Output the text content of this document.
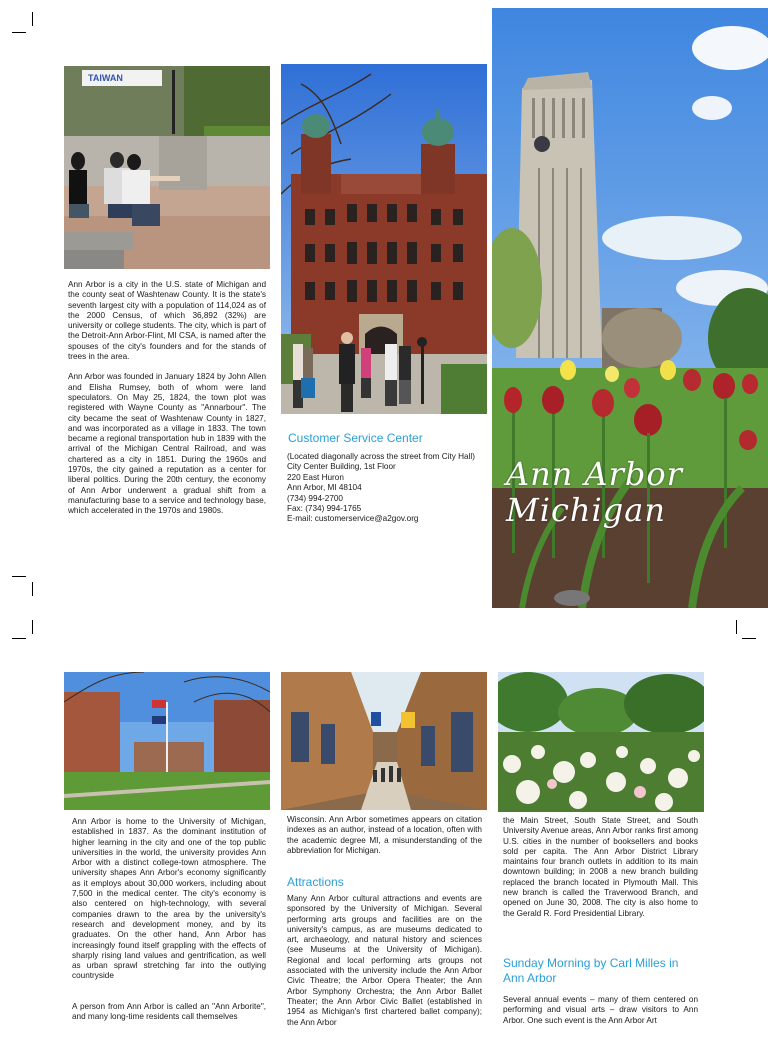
TAIWAN

Ann Arbor is a city in the U.S. state of Michigan and the county seat of Washtenaw County. It is the state's seventh largest city with a population of 114,024 as of the 2000 Census, of which 36,892 (32%) are university or college students. The city, which is part of the Detroit-Ann Arbor-Flint, MI CSA, is named after the spouses of the city's founders and for the stands of trees in the area.

Ann Arbor was founded in January 1824 by John Allen and Elisha Rumsey, both of whom were land speculators. On May 25, 1824, the town plot was registered with Wayne County as "Annarbour". The city became the seat of Washtenaw County in 1827, and was incorporated as a village in 1833. The town became a regional transportation hub in 1839 with the arrival of the Michigan Central Railroad, and was chartered as a city in 1851. During the 1960s and 1970s, the city gained a reputation as a center for liberal politics. During the 20th century, the economy of Ann Arbor underwent a gradual shift from a manufacturing base to a service and technology base, which accelerated in the 1970s and 1980s.

Customer Service Center
(Located diagonally across the street from City Hall)
City Center Building, 1st Floor
220 East Huron
Ann Arbor, MI 48104
(734) 994-2700
Fax: (734) 994-1765
E-mail: customerservice@a2gov.org
Ann Arbor
Michigan

Ann Arbor is home to the University of Michigan, established in 1837. As the dominant institution of higher learning in the city and one of the top public universities in the world, the university provides Ann Arbor with a distinct college-town atmosphere. The university shapes Ann Arbor's economy significantly as it employs about 30,000 workers, including about 7,500 in the medical center. The city's economy is also centered on high-technology, with several companies drawn to the area by the university's research and development money, and by its graduates. On the other hand, Ann Arbor has increasingly found itself grappling with the effects of sharply rising land values and gentrification, as well as urban sprawl stretching far into the outlying countryside

A person from Ann Arbor is called an "Ann Arborite", and many long-time residents call themselves

Wisconsin. Ann Arbor sometimes appears on citation indexes as an author, instead of a location, often with the academic degree MI, a misunderstanding of the abbreviation for Michigan.

Attractions

Many Ann Arbor cultural attractions and events are sponsored by the University of Michigan. Several performing arts groups and facilities are on the university's campus, as are museums dedicated to art, archaeology, and natural history and sciences (see Museums at the University of Michigan). Regional and local performing arts groups not associated with the university include the Ann Arbor Civic Theatre; the Arbor Opera Theater; the Ann Arbor Symphony Orchestra; the Ann Arbor Ballet Theater; the Ann Arbor Civic Ballet (established in 1954 as Michigan's first chartered ballet company); the Ann Arbor

the Main Street, South State Street, and South University Avenue areas, Ann Arbor ranks first among U.S. cities in the number of booksellers and books sold per capita. The Ann Arbor District Library maintains four branch outlets in addition to its main downtown building; in 2008 a new branch building replaced the branch located in Plymouth Mall. This new branch is called the Traverwood Branch, and opened on June 30, 2008. The city is also home to the Gerald R. Ford Presidential Library.

Sunday Morning by Carl Milles in Ann Arbor

Several annual events – many of them centered on performing and visual arts – draw visitors to Ann Arbor. One such event is the Ann Arbor Art
